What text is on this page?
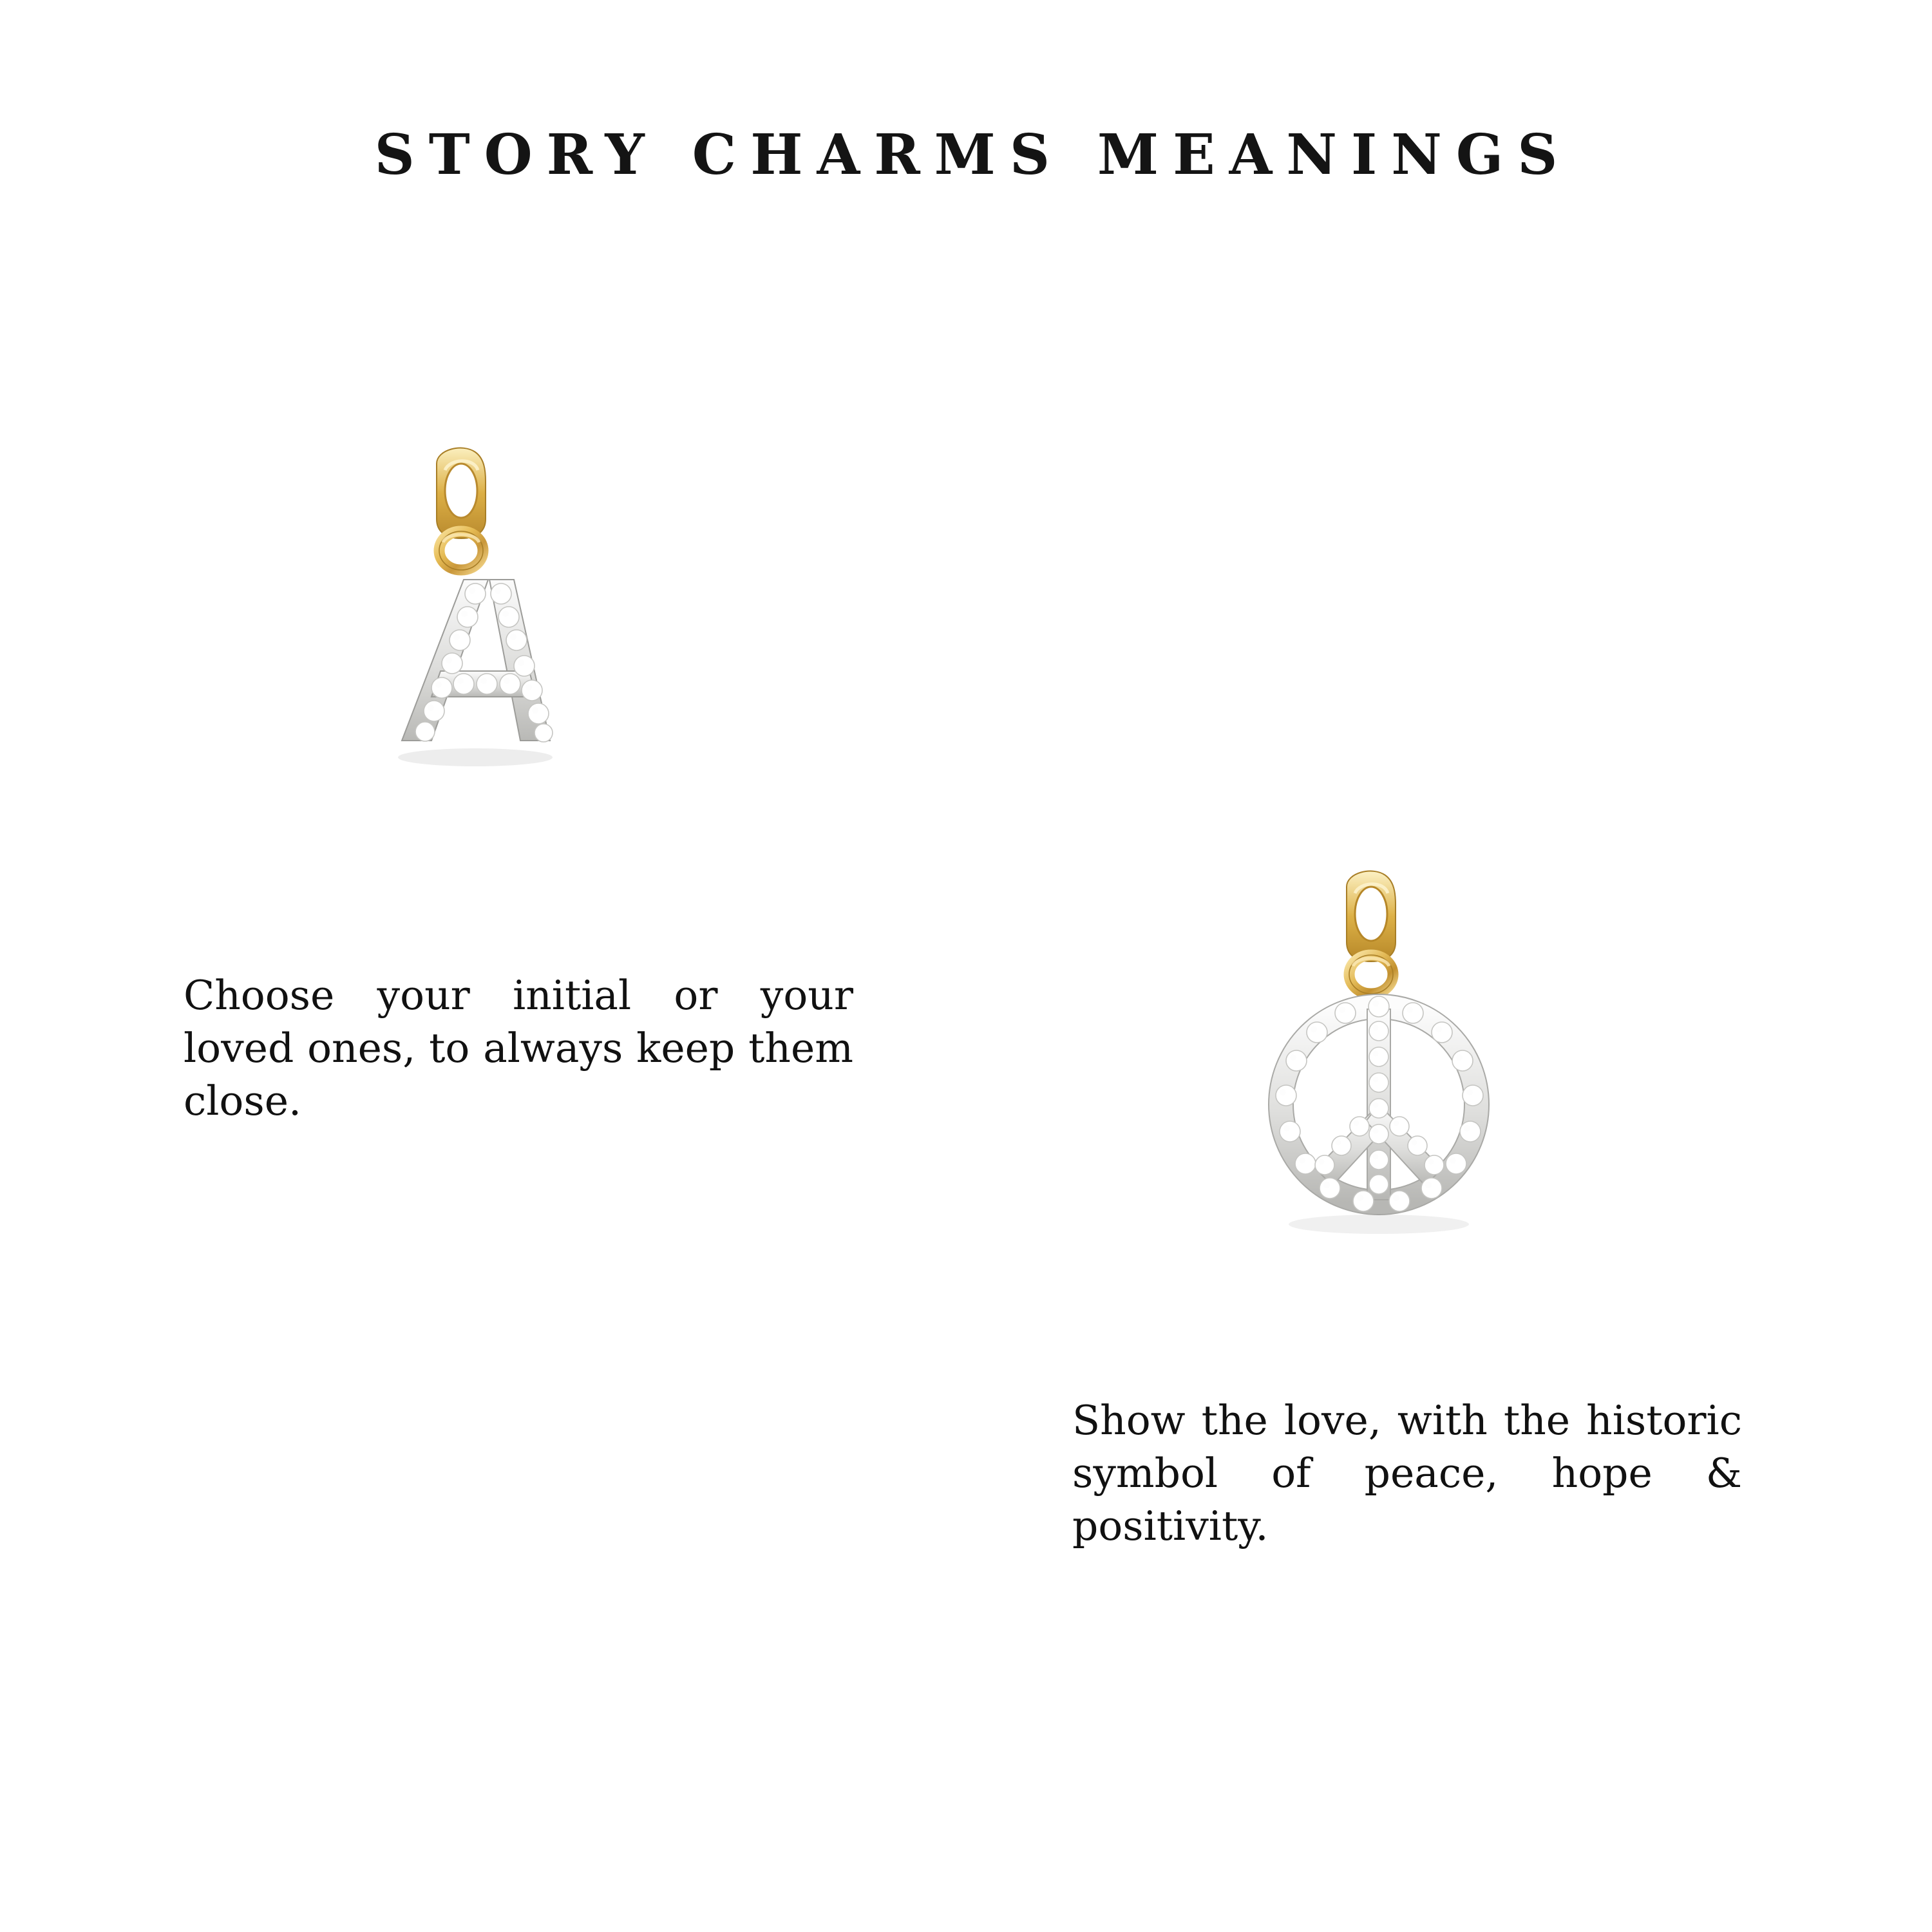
STORY CHARMS MEANINGS
Choose your initial or your loved ones, to always keep them close.
Show the love, with the historic symbol of peace, hope & positivity.
